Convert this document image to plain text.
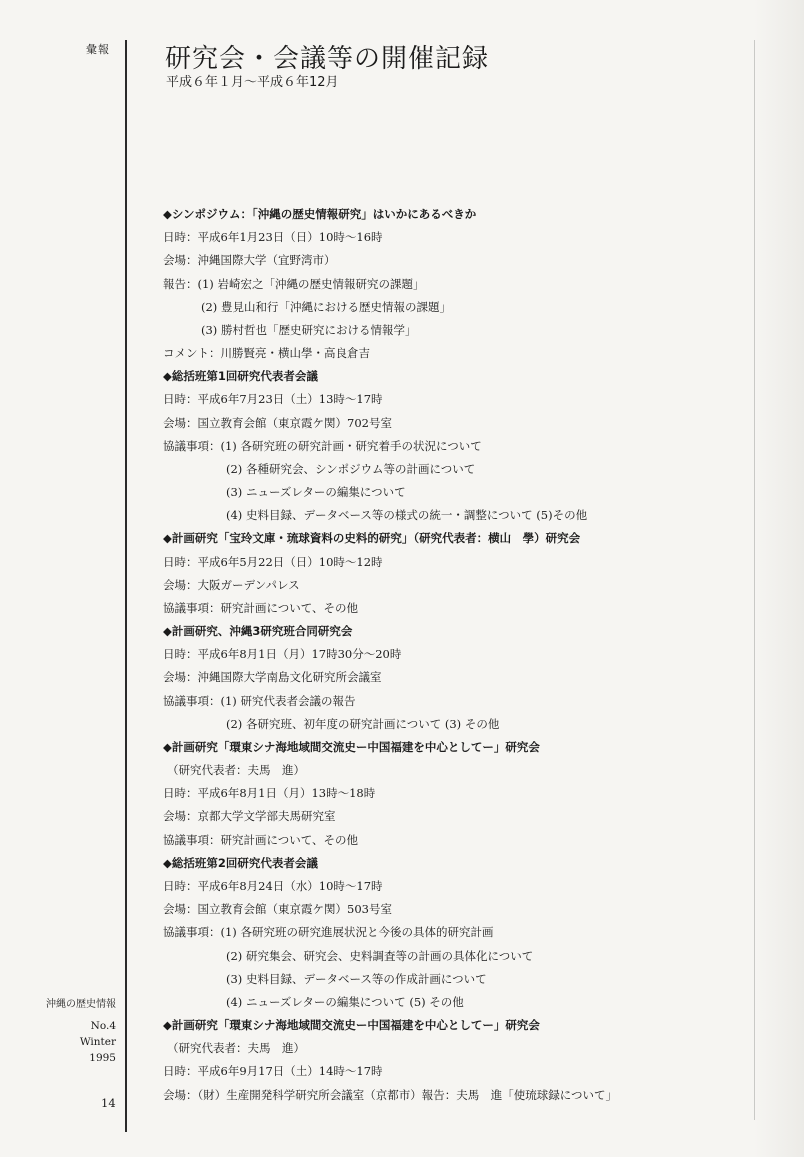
彙報 研究会・会議等の開催記録
平成６年１月〜平成６年12月
◆シンポジウム：「沖縄の歴史情報研究」はいかにあるべきか
日時：平成6年1月23日（日）10時〜16時
会場：沖縄国際大学（宜野湾市）
報告：(1) 岩崎宏之「沖縄の歴史情報研究の課題」
(2) 豊見山和行「沖縄における歴史情報の課題」
(3) 勝村哲也「歴史研究における情報学」
コメント：川勝賢亮・横山學・高良倉吉
◆総括班第1回研究代表者会議
日時：平成6年7月23日（土）13時〜17時
会場：国立教育会館（東京霞ケ関）702号室
協議事項：(1) 各研究班の研究計画・研究着手の状況について
(2) 各種研究会、シンポジウム等の計画について
(3) ニューズレターの編集について
(4) 史料目録、データベース等の様式の統一・調整について (5)その他
◆計画研究「宝玲文庫・琉球資料の史料的研究」（研究代表者：横山　學）研究会
日時：平成6年5月22日（日）10時〜12時
会場：大阪ガーデンパレス
協議事項：研究計画について、その他
◆計画研究、沖縄3研究班合同研究会
日時：平成6年8月1日（月）17時30分〜20時
会場：沖縄国際大学南島文化研究所会議室
協議事項：(1) 研究代表者会議の報告
(2) 各研究班、初年度の研究計画について (3) その他
◆計画研究「環東シナ海地域間交流史ー中国福建を中心としてー」研究会
（研究代表者：夫馬　進）
日時：平成6年8月1日（月）13時〜18時
会場：京都大学文学部夫馬研究室
協議事項：研究計画について、その他
◆総括班第2回研究代表者会議
日時：平成6年8月24日（水）10時〜17時
会場：国立教育会館（東京霞ケ関）503号室
協議事項：(1) 各研究班の研究進展状況と今後の具体的研究計画
(2) 研究集会、研究会、史料調査等の計画の具体化について
(3) 史料目録、データベース等の作成計画について
(4) ニューズレターの編集について (5) その他
◆計画研究「環東シナ海地域間交流史ー中国福建を中心としてー」研究会
（研究代表者：夫馬　進）
日時：平成6年9月17日（土）14時〜17時
会場：（財）生産開発科学研究所会議室（京都市）報告：夫馬　進「使琉球録について」
沖縄の歴史情報
No.4
Winter
1995
14
